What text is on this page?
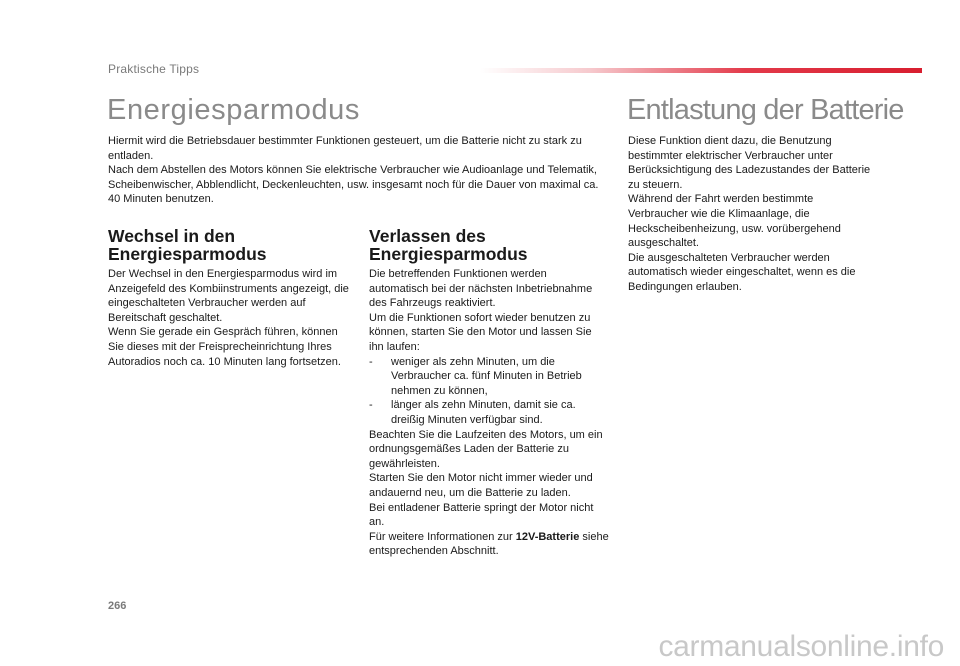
Praktische Tipps
Energiesparmodus	Entlastung der Batterie
Hiermit wird die Betriebsdauer bestimmter Funktionen gesteuert, um die Batterie nicht zu stark zu entladen.
Nach dem Abstellen des Motors können Sie elektrische Verbraucher wie Audioanlage und Telematik, Scheibenwischer, Abblendlicht, Deckenleuchten, usw. insgesamt noch für die Dauer von maximal ca. 40 Minuten benutzen.
Wechsel in den
Energiesparmodus
Der Wechsel in den Energiesparmodus wird im Anzeigefeld des Kombiinstruments angezeigt, die eingeschalteten Verbraucher werden auf Bereitschaft geschaltet.
Wenn Sie gerade ein Gespräch führen, können Sie dieses mit der Freisprecheinrichtung Ihres Autoradios noch ca. 10 Minuten lang fortsetzen.
Verlassen des
Energiesparmodus
Die betreffenden Funktionen werden automatisch bei der nächsten Inbetriebnahme des Fahrzeugs reaktiviert.
Um die Funktionen sofort wieder benutzen zu können, starten Sie den Motor und lassen Sie ihn laufen:
- weniger als zehn Minuten, um die Verbraucher ca. fünf Minuten in Betrieb nehmen zu können,
- länger als zehn Minuten, damit sie ca. dreißig Minuten verfügbar sind.
Beachten Sie die Laufzeiten des Motors, um ein ordnungsgemäßes Laden der Batterie zu gewährleisten.
Starten Sie den Motor nicht immer wieder und andauernd neu, um die Batterie zu laden.
Bei entladener Batterie springt der Motor nicht an.
Für weitere Informationen zur 12V-Batterie siehe entsprechenden Abschnitt.
Diese Funktion dient dazu, die Benutzung bestimmter elektrischer Verbraucher unter Berücksichtigung des Ladezustandes der Batterie zu steuern.
Während der Fahrt werden bestimmte Verbraucher wie die Klimaanlage, die Heckscheibenheizung, usw. vorübergehend ausgeschaltet.
Die ausgeschalteten Verbraucher werden automatisch wieder eingeschaltet, wenn es die Bedingungen erlauben.
266
carmanualsonline.info
